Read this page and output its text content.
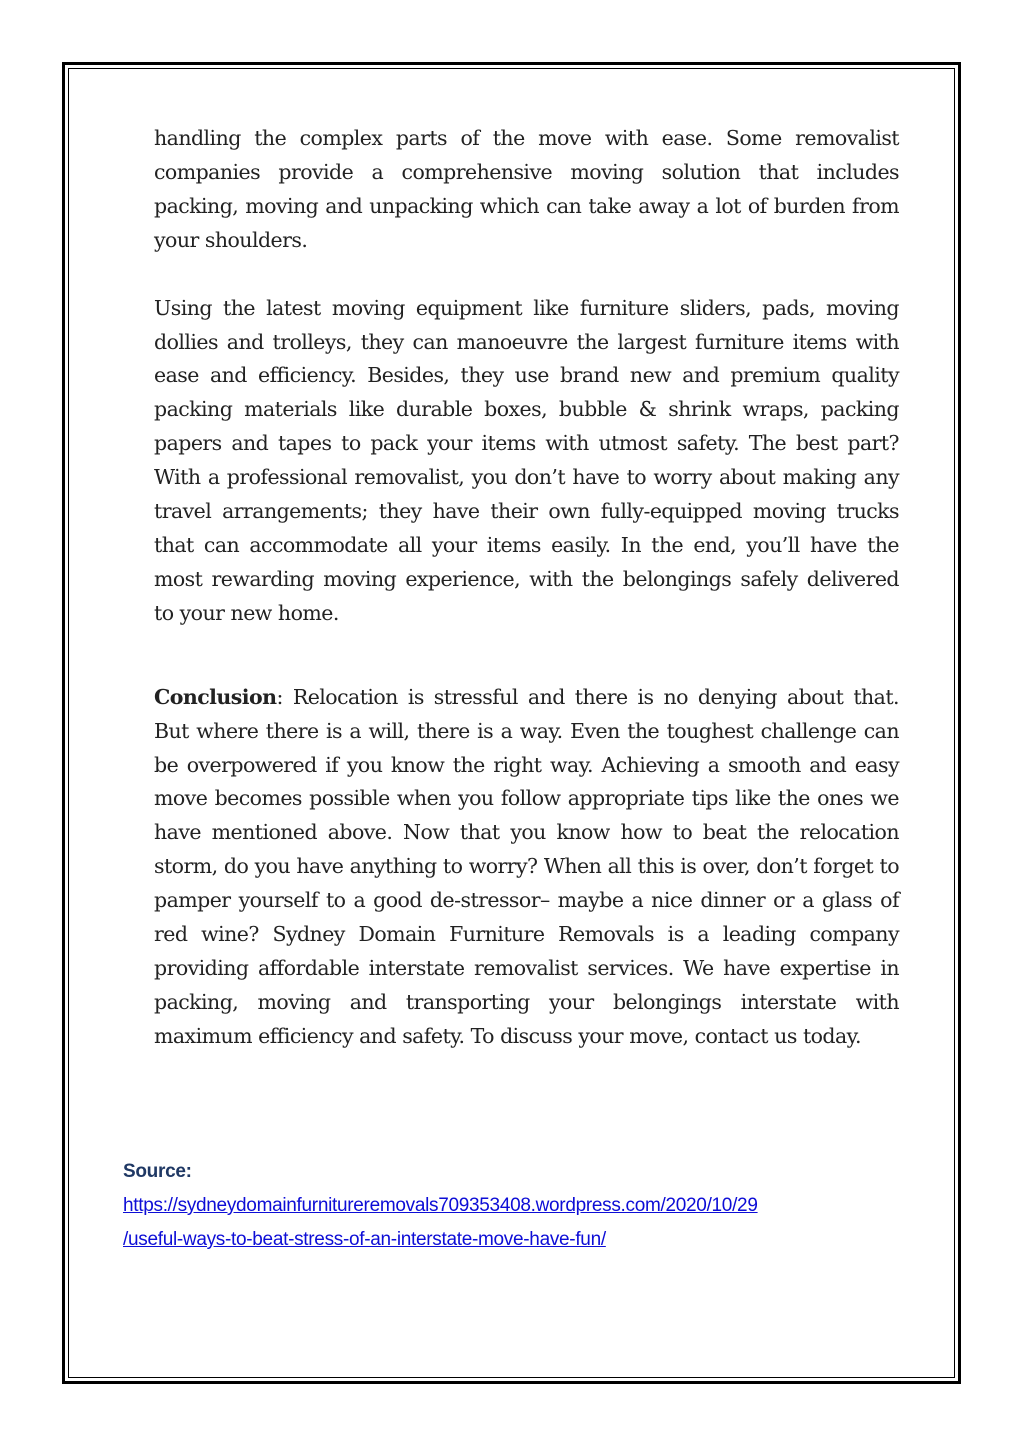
handling the complex parts of the move with ease. Some removalist companies provide a comprehensive moving solution that includes packing, moving and unpacking which can take away a lot of burden from your shoulders.

Using the latest moving equipment like furniture sliders, pads, moving dollies and trolleys, they can manoeuvre the largest furniture items with ease and efficiency. Besides, they use brand new and premium quality packing materials like durable boxes, bubble & shrink wraps, packing papers and tapes to pack your items with utmost safety. The best part? With a professional removalist, you don’t have to worry about making any travel arrangements; they have their own fully-equipped moving trucks that can accommodate all your items easily. In the end, you’ll have the most rewarding moving experience, with the belongings safely delivered to your new home.

Conclusion: Relocation is stressful and there is no denying about that. But where there is a will, there is a way. Even the toughest challenge can be overpowered if you know the right way. Achieving a smooth and easy move becomes possible when you follow appropriate tips like the ones we have mentioned above. Now that you know how to beat the relocation storm, do you have anything to worry? When all this is over, don’t forget to pamper yourself to a good de-stressor– maybe a nice dinner or a glass of red wine? Sydney Domain Furniture Removals is a leading company providing affordable interstate removalist services. We have expertise in packing, moving and transporting your belongings interstate with maximum efficiency and safety. To discuss your move, contact us today.

Source:
https://sydneydomainfurnitureremovals709353408.wordpress.com/2020/10/29
/useful-ways-to-beat-stress-of-an-interstate-move-have-fun/
